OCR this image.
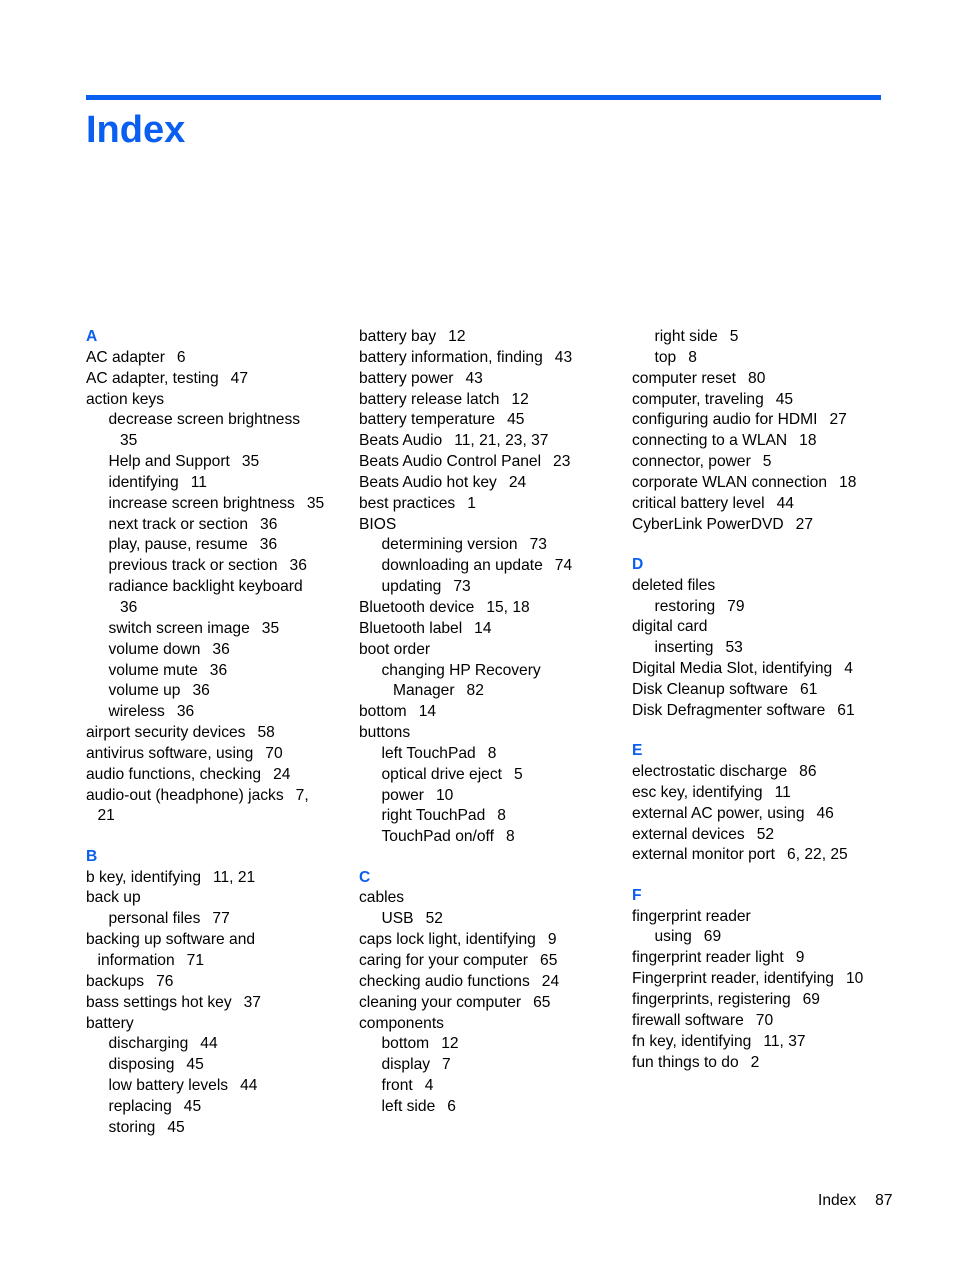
Index
A
AC adapter 6
AC adapter, testing 47
action keys
decrease screen brightness
35
Help and Support 35
identifying 11
increase screen brightness 35
next track or section 36
play, pause, resume 36
previous track or section 36
radiance backlight keyboard
36
switch screen image 35
volume down 36
volume mute 36
volume up 36
wireless 36
airport security devices 58
antivirus software, using 70
audio functions, checking 24
audio-out (headphone) jacks 7,
21
B
b key, identifying 11, 21
back up
personal files 77
backing up software and
information 71
backups 76
bass settings hot key 37
battery
discharging 44
disposing 45
low battery levels 44
replacing 45
storing 45
battery bay 12
battery information, finding 43
battery power 43
battery release latch 12
battery temperature 45
Beats Audio 11, 21, 23, 37
Beats Audio Control Panel 23
Beats Audio hot key 24
best practices 1
BIOS
determining version 73
downloading an update 74
updating 73
Bluetooth device 15, 18
Bluetooth label 14
boot order
changing HP Recovery
Manager 82
bottom 14
buttons
left TouchPad 8
optical drive eject 5
power 10
right TouchPad 8
TouchPad on/off 8
C
cables
USB 52
caps lock light, identifying 9
caring for your computer 65
checking audio functions 24
cleaning your computer 65
components
bottom 12
display 7
front 4
left side 6
right side 5
top 8
computer reset 80
computer, traveling 45
configuring audio for HDMI 27
connecting to a WLAN 18
connector, power 5
corporate WLAN connection 18
critical battery level 44
CyberLink PowerDVD 27
D
deleted files
restoring 79
digital card
inserting 53
Digital Media Slot, identifying 4
Disk Cleanup software 61
Disk Defragmenter software 61
E
electrostatic discharge 86
esc key, identifying 11
external AC power, using 46
external devices 52
external monitor port 6, 22, 25
F
fingerprint reader
using 69
fingerprint reader light 9
Fingerprint reader, identifying 10
fingerprints, registering 69
firewall software 70
fn key, identifying 11, 37
fun things to do 2
Index 87
